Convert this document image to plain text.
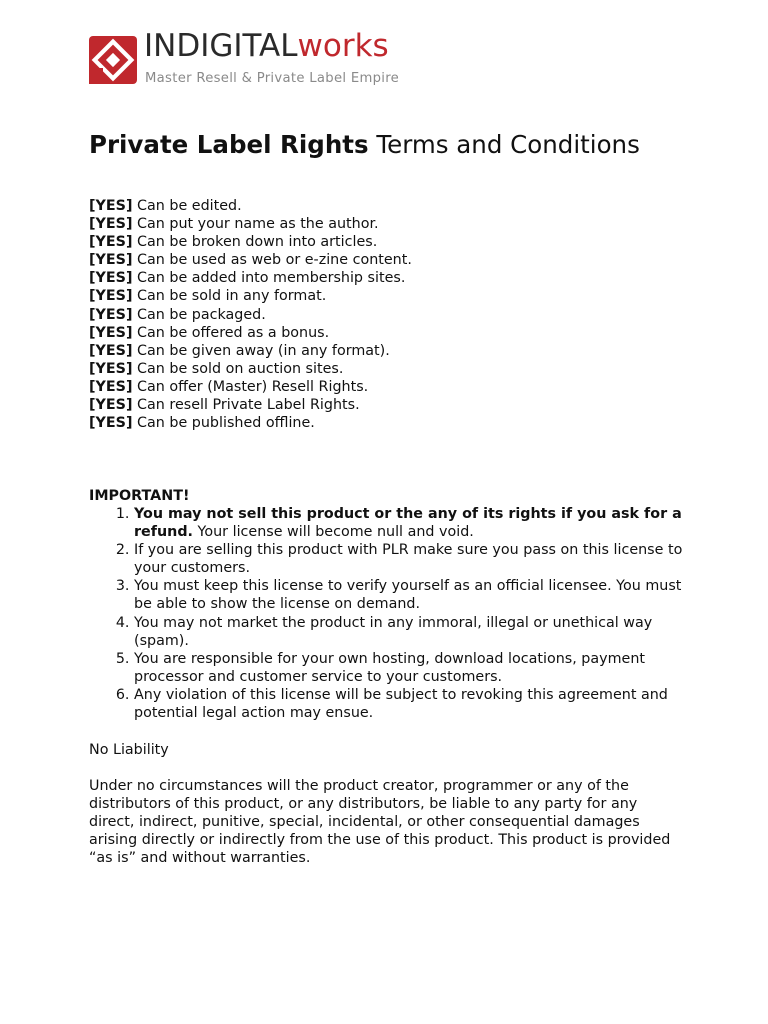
INDIGITALworks
Master Resell & Private Label Empire
Private Label Rights Terms and Conditions
[YES] Can be edited.
[YES] Can put your name as the author.
[YES] Can be broken down into articles.
[YES] Can be used as web or e-zine content.
[YES] Can be added into membership sites.
[YES] Can be sold in any format.
[YES] Can be packaged.
[YES] Can be offered as a bonus.
[YES] Can be given away (in any format).
[YES] Can be sold on auction sites.
[YES] Can offer (Master) Resell Rights.
[YES] Can resell Private Label Rights.
[YES] Can be published offline.

IMPORTANT!

1. You may not sell this product or the any of its rights if you ask for a refund. Your license will become null and void.
2. If you are selling this product with PLR make sure you pass on this license to your customers.
3. You must keep this license to verify yourself as an official licensee. You must be able to show the license on demand.
4. You may not market the product in any immoral, illegal or unethical way (spam).
5. You are responsible for your own hosting, download locations, payment processor and customer service to your customers.
6. Any violation of this license will be subject to revoking this agreement and potential legal action may ensue.

No Liability

Under no circumstances will the product creator, programmer or any of the distributors of this product, or any distributors, be liable to any party for any direct, indirect, punitive, special, incidental, or other consequential damages arising directly or indirectly from the use of this product. This product is provided “as is” and without warranties.
